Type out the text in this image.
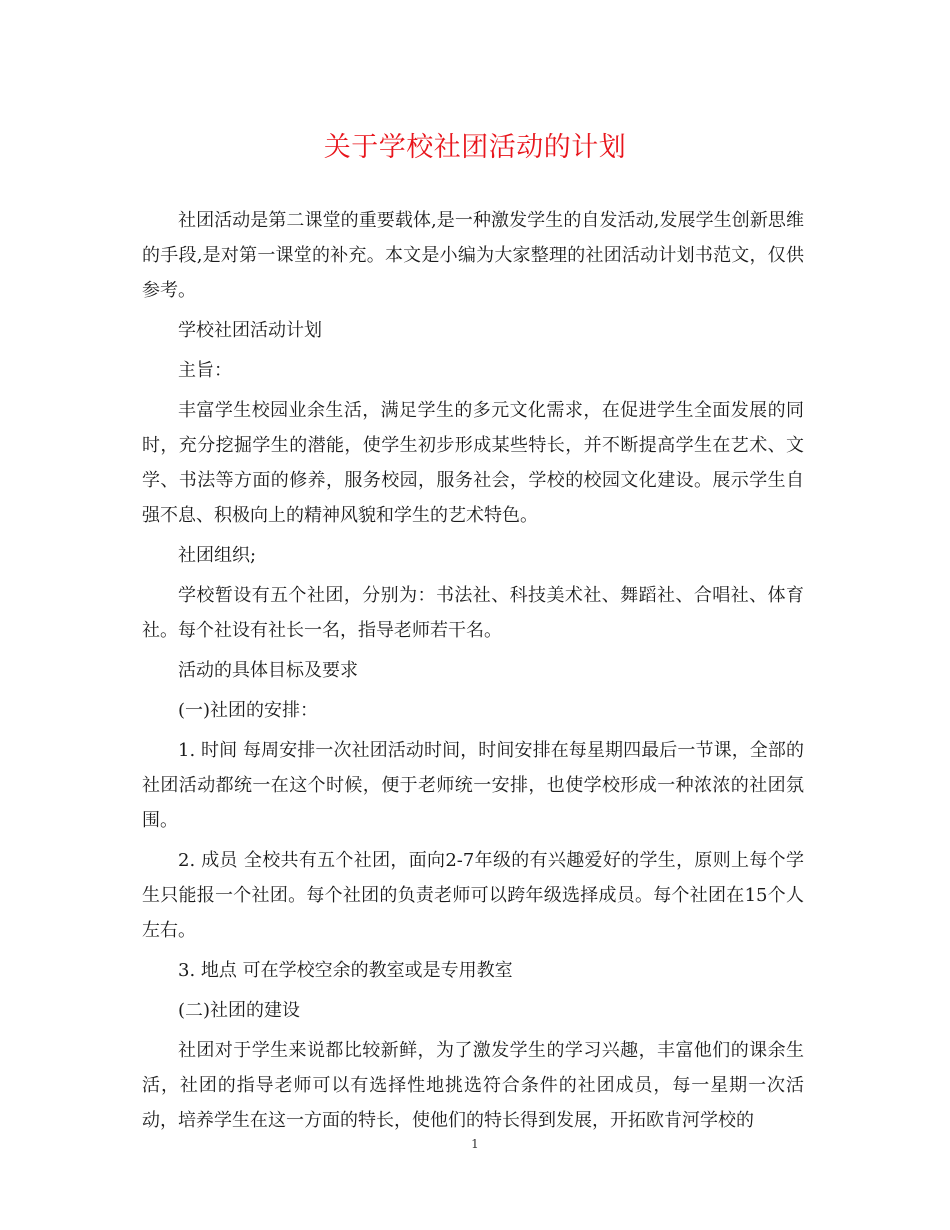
关于学校社团活动的计划

社团活动是第二课堂的重要载体,是一种激发学生的自发活动,发展学生创新思维的手段,是对第一课堂的补充。本文是小编为大家整理的社团活动计划书范文，仅供参考。

学校社团活动计划

主旨：

丰富学生校园业余生活，满足学生的多元文化需求，在促进学生全面发展的同时，充分挖掘学生的潜能，使学生初步形成某些特长，并不断提高学生在艺术、文学、书法等方面的修养，服务校园，服务社会，学校的校园文化建设。展示学生自强不息、积极向上的精神风貌和学生的艺术特色。

社团组织;

学校暂设有五个社团，分别为：书法社、科技美术社、舞蹈社、合唱社、体育社。每个社设有社长一名，指导老师若干名。

活动的具体目标及要求

(一)社团的安排：

1. 时间 每周安排一次社团活动时间，时间安排在每星期四最后一节课，全部的社团活动都统一在这个时候，便于老师统一安排，也使学校形成一种浓浓的社团氛围。

2. 成员 全校共有五个社团，面向2-7年级的有兴趣爱好的学生，原则上每个学生只能报一个社团。每个社团的负责老师可以跨年级选择成员。每个社团在15个人左右。

3. 地点 可在学校空余的教室或是专用教室

(二)社团的建设

社团对于学生来说都比较新鲜，为了激发学生的学习兴趣，丰富他们的课余生活，社团的指导老师可以有选择性地挑选符合条件的社团成员，每一星期一次活动，培养学生在这一方面的特长，使他们的特长得到发展，开拓欧肯河学校的

1
